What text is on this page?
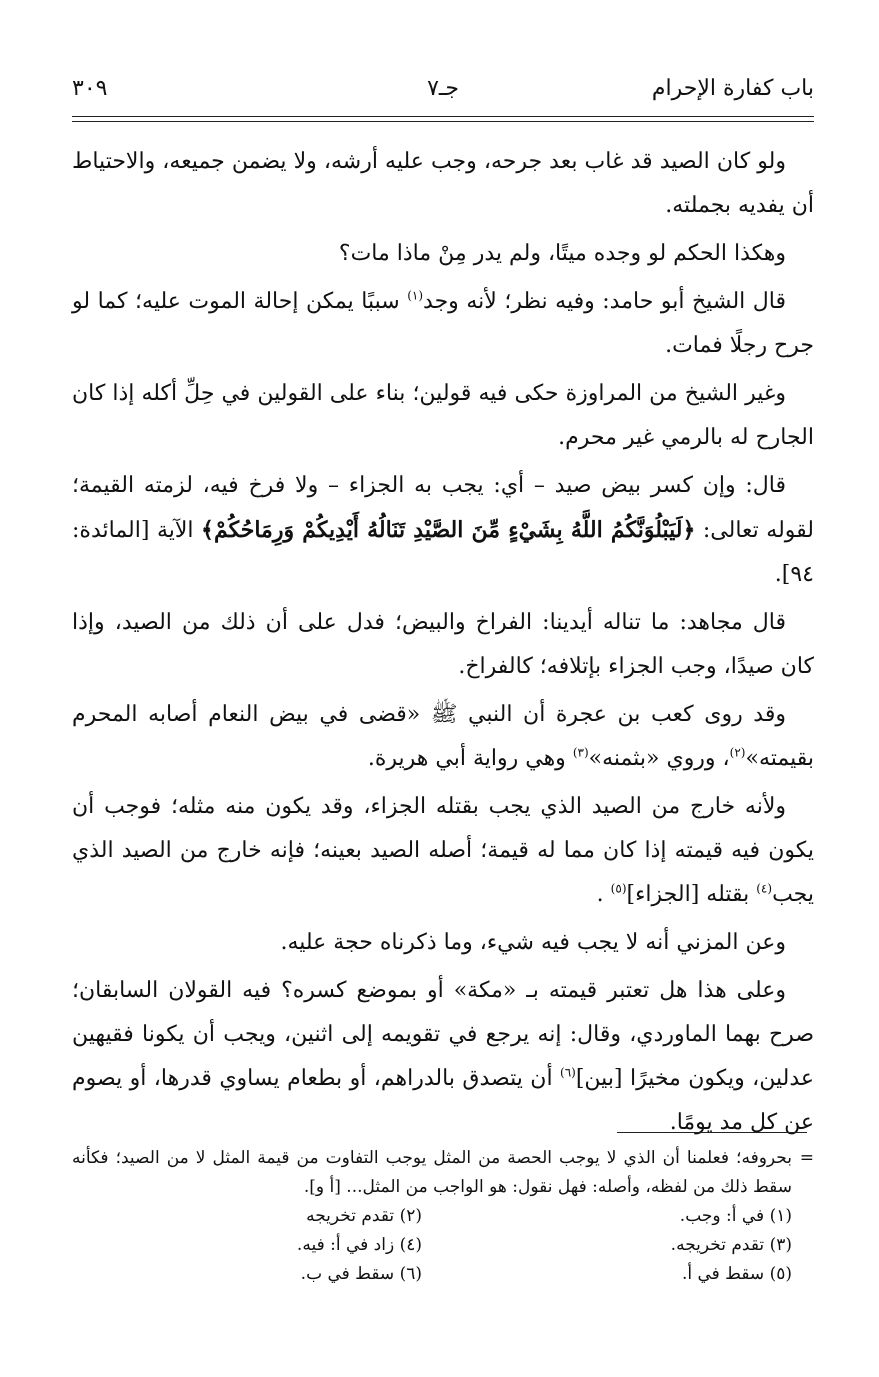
باب كفارة الإحرام
جـ٧
٣٠٩

ولو كان الصيد قد غاب بعد جرحه، وجب عليه أرشه، ولا يضمن جميعه، والاحتياط أن يفديه بجملته.

وهكذا الحكم لو وجده ميتًا، ولم يدر مِنْ ماذا مات؟

قال الشيخ أبو حامد: وفيه نظر؛ لأنه وجد$^{(١)}$ سببًا يمكن إحالة الموت عليه؛ كما لو جرح رجلًا فمات.

وغير الشيخ من المراوزة حكى فيه قولين؛ بناء على القولين في حِلِّ أكله إذا كان الجارح له بالرمي غير محرم.

قال: وإن كسر بيض صيد – أي: يجب به الجزاء – ولا فرخ فيه، لزمته القيمة؛ لقوله تعالى: ﴿لَيَبْلُوَنَّكُمُ اللَّهُ بِشَيْءٍ مِّنَ الصَّيْدِ تَنَالُهُ أَيْدِيكُمْ وَرِمَاحُكُمْ﴾ الآية [المائدة: ٩٤].

قال مجاهد: ما تناله أيدينا: الفراخ والبيض؛ فدل على أن ذلك من الصيد، وإذا كان صيدًا، وجب الجزاء بإتلافه؛ كالفراخ.

وقد روى كعب بن عجرة أن النبي ﷺ «قضى في بيض النعام أصابه المحرم بقيمته»$^{(٢)}$، وروي «بثمنه»$^{(٣)}$ وهي رواية أبي هريرة.

ولأنه خارج من الصيد الذي يجب بقتله الجزاء، وقد يكون منه مثله؛ فوجب أن يكون فيه قيمته إذا كان مما له قيمة؛ أصله الصيد بعينه؛ فإنه خارج من الصيد الذي يجب$^{(٤)}$ بقتله [الجزاء]$^{(٥)}$ .

وعن المزني أنه لا يجب فيه شيء، وما ذكرناه حجة عليه.

وعلى هذا هل تعتبر قيمته بـ «مكة» أو بموضع كسره؟ فيه القولان السابقان؛ صرح بهما الماوردي، وقال: إنه يرجع في تقويمه إلى اثنين، ويجب أن يكونا فقيهين عدلين، ويكون مخيرًا [بين]$^{(٦)}$ أن يتصدق بالدراهم، أو بطعام يساوي قدرها، أو يصوم عن كل مد يومًا.

=
بحروفه؛ فعلمنا أن الذي لا يوجب الحصة من المثل يوجب التفاوت من قيمة المثل لا من الصيد؛ فكأنه سقط ذلك من لفظه، وأصله: فهل نقول: هو الواجب من المثل... [أ و].

(١) في أ: وجب.

(٢) تقدم تخريجه

(٣) تقدم تخريجه.

(٤) زاد في أ: فيه.

(٥) سقط في أ.

(٦) سقط في ب.
